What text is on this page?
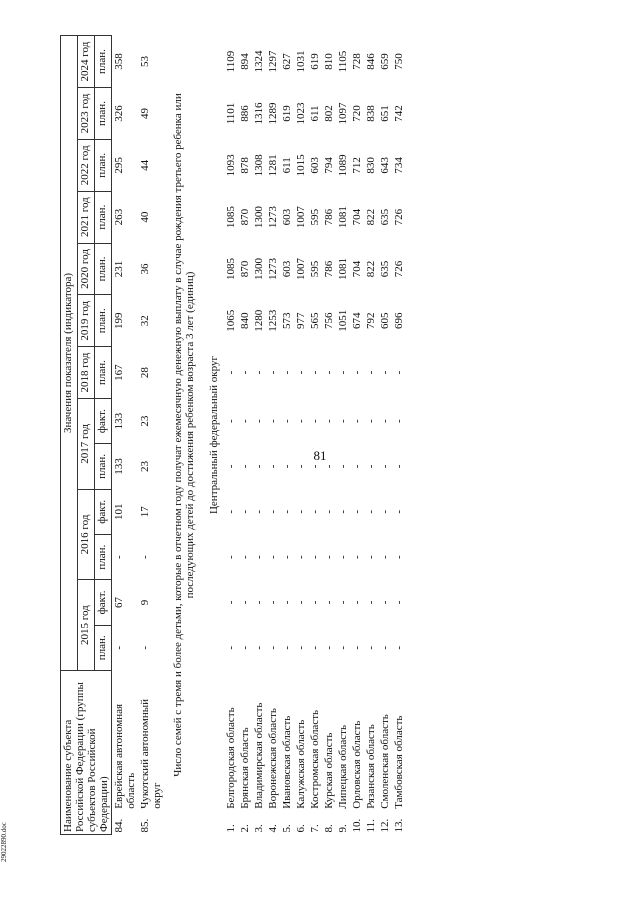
81
29022890.doc
Наименование субъекта Российской Федерации (группы субъектов Российской Федерации)		Значения показателя (индикатора)												
		2015 год		2016 год		2017 год		2018 год	2019 год	2020 год	2021 год	2022 год	2023 год	2024 год
		план.	факт.	план.	факт.	план.	факт.	план.	план.	план.	план.	план.	план.	план.
84.	Еврейская автономная область	-	67	-	101	133	133	167	199	231	263	295	326	358
85.	Чукотский автономный округ	-	9	-	17	23	23	28	32	36	40	44	49	53
Число семей с тремя и более детьми, которые в отчетном году получат ежемесячную денежную выплату в случае рождения третьего ребенка или последующих детей до достижения ребенком возраста 3 лет (единиц)														
Центральный федеральный округ														
1.	Белгородская область	-	-	-	-	-	-	-	1065	1085	1085	1093	1101	1109
2.	Брянская область	-	-	-	-	-	-	-	840	870	870	878	886	894
3.	Владимирская область	-	-	-	-	-	-	-	1280	1300	1300	1308	1316	1324
4.	Воронежская область	-	-	-	-	-	-	-	1253	1273	1273	1281	1289	1297
5.	Ивановская область	-	-	-	-	-	-	-	573	603	603	611	619	627
6.	Калужская область	-	-	-	-	-	-	-	977	1007	1007	1015	1023	1031
7.	Костромская область	-	-	-	-	-	-	-	565	595	595	603	611	619
8.	Курская область	-	-	-	-	-	-	-	756	786	786	794	802	810
9.	Липецкая область	-	-	-	-	-	-	-	1051	1081	1081	1089	1097	1105
10.	Орловская область	-	-	-	-	-	-	-	674	704	704	712	720	728
11.	Рязанская область	-	-	-	-	-	-	-	792	822	822	830	838	846
12.	Смоленская область	-	-	-	-	-	-	-	605	635	635	643	651	659
13.	Тамбовская область	-	-	-	-	-	-	-	696	726	726	734	742	750
